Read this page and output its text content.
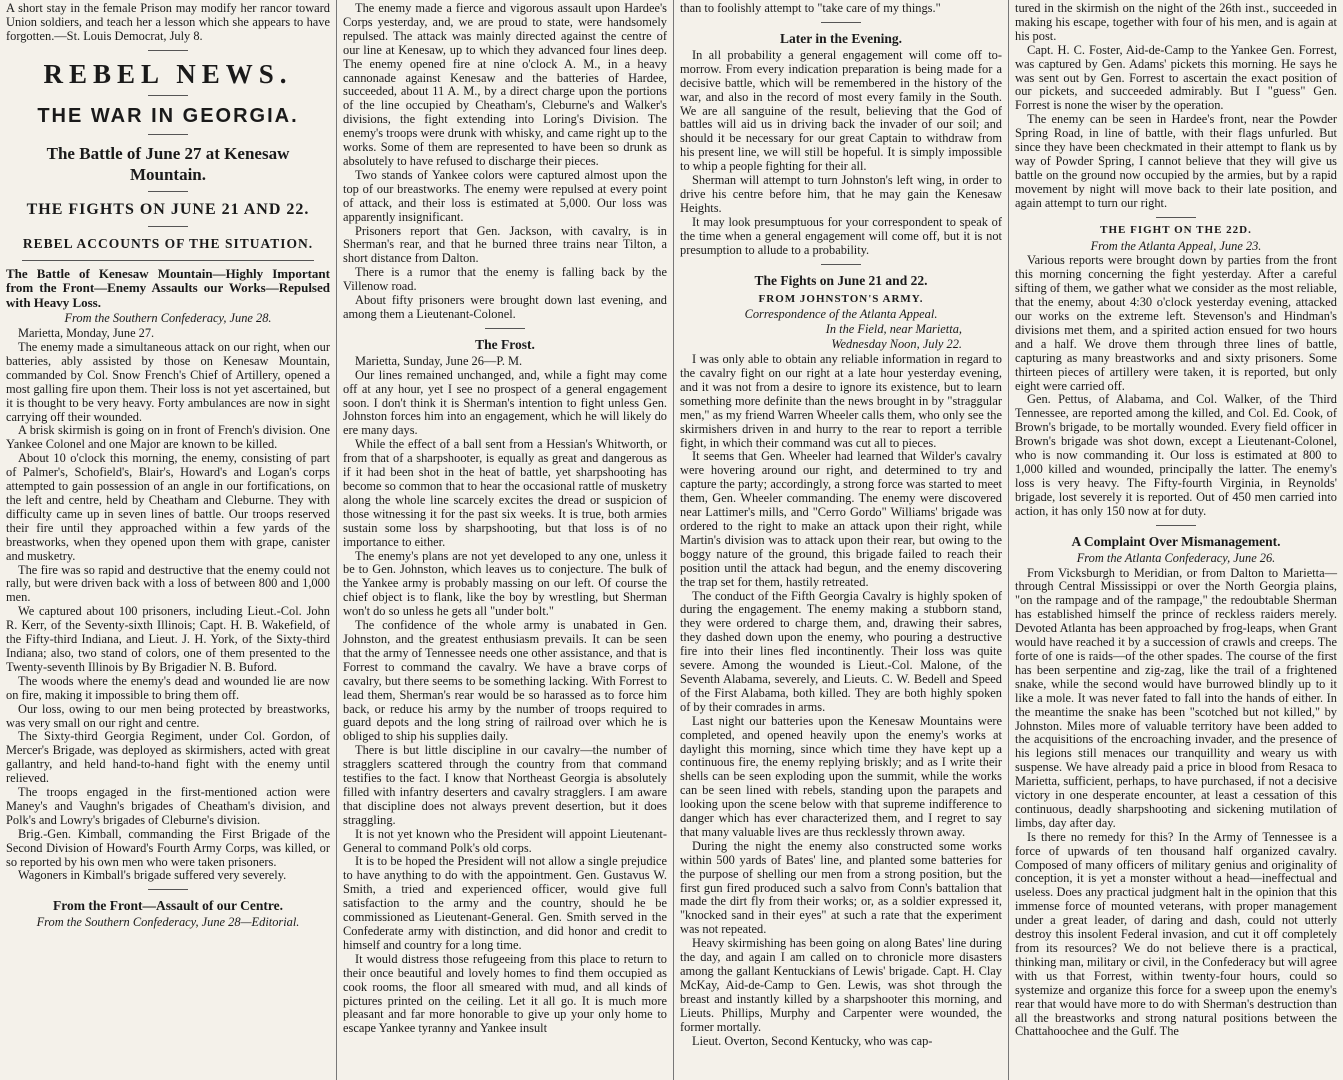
A short stay in the female Prison may modify her rancor toward Union soldiers, and teach her a lesson which she appears to have forgotten.—St. Louis Democrat, July 8.

REBEL NEWS.
THE WAR IN GEORGIA.
The Battle of June 27 at Kenesaw Mountain.
THE FIGHTS ON JUNE 21 AND 22.
REBEL ACCOUNTS OF THE SITUATION.

The Battle of Kenesaw Mountain—Highly Important from the Front—Enemy Assaults our Works—Repulsed with Heavy Loss.

From the Southern Confederacy, June 28.

Marietta, Monday, June 27.

The enemy made a simultaneous attack on our right, when our batteries, ably assisted by those on Kenesaw Mountain, commanded by Col. Snow French's Chief of Artillery, opened a most galling fire upon them. Their loss is not yet ascertained, but it is thought to be very heavy. Forty ambulances are now in sight carrying off their wounded.

A brisk skirmish is going on in front of French's division. One Yankee Colonel and one Major are known to be killed.

About 10 o'clock this morning, the enemy, consisting of part of Palmer's, Schofield's, Blair's, Howard's and Logan's corps attempted to gain possession of an angle in our fortifications, on the left and centre, held by Cheatham and Cleburne. They with difficulty came up in seven lines of battle. Our troops reserved their fire until they approached within a few yards of the breastworks, when they opened upon them with grape, canister and musketry.

The fire was so rapid and destructive that the enemy could not rally, but were driven back with a loss of between 800 and 1,000 men.

We captured about 100 prisoners, including Lieut.-Col. John R. Kerr, of the Seventy-sixth Illinois; Capt. H. B. Wakefield, of the Fifty-third Indiana, and Lieut. J. H. York, of the Sixty-third Indiana; also, two stand of colors, one of them presented to the Twenty-seventh Illinois by By Brigadier N. B. Buford.

The woods where the enemy's dead and wounded lie are now on fire, making it impossible to bring them off.

Our loss, owing to our men being protected by breastworks, was very small on our right and centre.

The Sixty-third Georgia Regiment, under Col. Gordon, of Mercer's Brigade, was deployed as skirmishers, acted with great gallantry, and held hand-to-hand fight with the enemy until relieved.

The troops engaged in the first-mentioned action were Maney's and Vaughn's brigades of Cheatham's division, and Polk's and Lowry's brigades of Cleburne's division.

Brig.-Gen. Kimball, commanding the First Brigade of the Second Division of Howard's Fourth Army Corps, was killed, or so reported by his own men who were taken prisoners.

Wagoners in Kimball's brigade suffered very severely.

From the Front—Assault of our Centre.

From the Southern Confederacy, June 28—Editorial.

The enemy made a fierce and vigorous assault upon Hardee's Corps yesterday, and, we are proud to state, were handsomely repulsed. The attack was mainly directed against the centre of our line at Kenesaw, up to which they advanced four lines deep. The enemy opened fire at nine o'clock A. M., in a heavy cannonade against Kenesaw and the batteries of Hardee, succeeded, about 11 A. M., by a direct charge upon the portions of the line occupied by Cheatham's, Cleburne's and Walker's divisions, the fight extending into Loring's Division. The enemy's troops were drunk with whisky, and came right up to the works. Some of them are represented to have been so drunk as absolutely to have refused to discharge their pieces.

Two stands of Yankee colors were captured almost upon the top of our breastworks. The enemy were repulsed at every point of attack, and their loss is estimated at 5,000. Our loss was apparently insignificant.

Prisoners report that Gen. Jackson, with cavalry, is in Sherman's rear, and that he burned three trains near Tilton, a short distance from Dalton.

There is a rumor that the enemy is falling back by the Villenow road.

About fifty prisoners were brought down last evening, and among them a Lieutenant-Colonel.

The Frost.

Marietta, Sunday, June 26—P. M.

Our lines remained unchanged, and, while a fight may come off at any hour, yet I see no prospect of a general engagement soon. I don't think it is Sherman's intention to fight unless Gen. Johnston forces him into an engagement, which he will likely do ere many days.

While the effect of a ball sent from a Hessian's Whitworth, or from that of a sharpshooter, is equally as great and dangerous as if it had been shot in the heat of battle, yet sharpshooting has become so common that to hear the occasional rattle of musketry along the whole line scarcely excites the dread or suspicion of those witnessing it for the past six weeks. It is true, both armies sustain some loss by sharpshooting, but that loss is of no importance to either.

The enemy's plans are not yet developed to any one, unless it be to Gen. Johnston, which leaves us to conjecture. The bulk of the Yankee army is probably massing on our left. Of course the chief object is to flank, like the boy by wrestling, but Sherman won't do so unless he gets all "under bolt."

The confidence of the whole army is unabated in Gen. Johnston, and the greatest enthusiasm prevails. It can be seen that the army of Tennessee needs one other assistance, and that is Forrest to command the cavalry. We have a brave corps of cavalry, but there seems to be something lacking. With Forrest to lead them, Sherman's rear would be so harassed as to force him back, or reduce his army by the number of troops required to guard depots and the long string of railroad over which he is obliged to ship his supplies daily.

There is but little discipline in our cavalry—the number of stragglers scattered through the country from that command testifies to the fact. I know that Northeast Georgia is absolutely filled with infantry deserters and cavalry stragglers. I am aware that discipline does not always prevent desertion, but it does straggling.

It is not yet known who the President will appoint Lieutenant-General to command Polk's old corps.

It is to be hoped the President will not allow a single prejudice to have anything to do with the appointment. Gen. Gustavus W. Smith, a tried and experienced officer, would give full satisfaction to the army and the country, should he be commissioned as Lieutenant-General. Gen. Smith served in the Confederate army with distinction, and did honor and credit to himself and country for a long time.

It would distress those refugeeing from this place to return to their once beautiful and lovely homes to find them occupied as cook rooms, the floor all smeared with mud, and all kinds of pictures printed on the ceiling. Let it all go. It is much more pleasant and far more honorable to give up your only home to escape Yankee tyranny and Yankee insult

than to foolishly attempt to "take care of my things."

Later in the Evening.

In all probability a general engagement will come off to-morrow. From every indication preparation is being made for a decisive battle, which will be remembered in the history of the war, and also in the record of most every family in the South. We are all sanguine of the result, believing that the God of battles will aid us in driving back the invader of our soil; and should it be necessary for our great Captain to withdraw from his present line, we will still be hopeful. It is simply impossible to whip a people fighting for their all.

Sherman will attempt to turn Johnston's left wing, in order to drive his centre before him, that he may gain the Kenesaw Heights.

It may look presumptuous for your correspondent to speak of the time when a general engagement will come off, but it is not presumption to allude to a probability.

The Fights on June 21 and 22.

FROM JOHNSTON'S ARMY.

Correspondence of the Atlanta Appeal.

In the Field, near Marietta,

Wednesday Noon, July 22.

I was only able to obtain any reliable information in regard to the cavalry fight on our right at a late hour yesterday evening, and it was not from a desire to ignore its existence, but to learn something more definite than the news brought in by "straggular men," as my friend Warren Wheeler calls them, who only see the skirmishers driven in and hurry to the rear to report a terrible fight, in which their command was cut all to pieces.

It seems that Gen. Wheeler had learned that Wilder's cavalry were hovering around our right, and determined to try and capture the party; accordingly, a strong force was started to meet them, Gen. Wheeler commanding. The enemy were discovered near Lattimer's mills, and "Cerro Gordo" Williams' brigade was ordered to the right to make an attack upon their right, while Martin's division was to attack upon their rear, but owing to the boggy nature of the ground, this brigade failed to reach their position until the attack had begun, and the enemy discovering the trap set for them, hastily retreated.

The conduct of the Fifth Georgia Cavalry is highly spoken of during the engagement. The enemy making a stubborn stand, they were ordered to charge them, and, drawing their sabres, they dashed down upon the enemy, who pouring a destructive fire into their lines fled incontinently. Their loss was quite severe. Among the wounded is Lieut.-Col. Malone, of the Seventh Alabama, severely, and Lieuts. C. W. Bedell and Speed of the First Alabama, both killed. They are both highly spoken of by their comrades in arms.

Last night our batteries upon the Kenesaw Mountains were completed, and opened heavily upon the enemy's works at daylight this morning, since which time they have kept up a continuous fire, the enemy replying briskly; and as I write their shells can be seen exploding upon the summit, while the works can be seen lined with rebels, standing upon the parapets and looking upon the scene below with that supreme indifference to danger which has ever characterized them, and I regret to say that many valuable lives are thus recklessly thrown away.

During the night the enemy also constructed some works within 500 yards of Bates' line, and planted some batteries for the purpose of shelling our men from a strong position, but the first gun fired produced such a salvo from Conn's battalion that made the dirt fly from their works; or, as a soldier expressed it, "knocked sand in their eyes" at such a rate that the experiment was not repeated.

Heavy skirmishing has been going on along Bates' line during the day, and again I am called on to chronicle more disasters among the gallant Kentuckians of Lewis' brigade. Capt. H. Clay McKay, Aid-de-Camp to Gen. Lewis, was shot through the breast and instantly killed by a sharpshooter this morning, and Lieuts. Phillips, Murphy and Carpenter were wounded, the former mortally.

Lieut. Overton, Second Kentucky, who was cap-

tured in the skirmish on the night of the 26th inst., succeeded in making his escape, together with four of his men, and is again at his post.

Capt. H. C. Foster, Aid-de-Camp to the Yankee Gen. Forrest, was captured by Gen. Adams' pickets this morning. He says he was sent out by Gen. Forrest to ascertain the exact position of our pickets, and succeeded admirably. But I "guess" Gen. Forrest is none the wiser by the operation.

The enemy can be seen in Hardee's front, near the Powder Spring Road, in line of battle, with their flags unfurled. But since they have been checkmated in their attempt to flank us by way of Powder Spring, I cannot believe that they will give us battle on the ground now occupied by the armies, but by a rapid movement by night will move back to their late position, and again attempt to turn our right.

THE FIGHT ON THE 22D.

From the Atlanta Appeal, June 23.

Various reports were brought down by parties from the front this morning concerning the fight yesterday. After a careful sifting of them, we gather what we consider as the most reliable, that the enemy, about 4:30 o'clock yesterday evening, attacked our works on the extreme left. Stevenson's and Hindman's divisions met them, and a spirited action ensued for two hours and a half. We drove them through three lines of battle, capturing as many breastworks and and sixty prisoners. Some thirteen pieces of artillery were taken, it is reported, but only eight were carried off.

Gen. Pettus, of Alabama, and Col. Walker, of the Third Tennessee, are reported among the killed, and Col. Ed. Cook, of Brown's brigade, to be mortally wounded. Every field officer in Brown's brigade was shot down, except a Lieutenant-Colonel, who is now commanding it. Our loss is estimated at 800 to 1,000 killed and wounded, principally the latter. The enemy's loss is very heavy. The Fifty-fourth Virginia, in Reynolds' brigade, lost severely it is reported. Out of 450 men carried into action, it has only 150 now at for duty.

A Complaint Over Mismanagement.

From the Atlanta Confederacy, June 26.

From Vicksburgh to Meridian, or from Dalton to Marietta—through Central Mississippi or over the North Georgia plains, "on the rampage and of the rampage," the redoubtable Sherman has established himself the prince of reckless raiders merely. Devoted Atlanta has been approached by frog-leaps, when Grant would have reached it by a succession of crawls and creeps. The forte of one is raids—of the other spades. The course of the first has been serpentine and zig-zag, like the trail of a frightened snake, while the second would have burrowed blindly up to it like a mole. It was never fated to fall into the hands of either. In the meantime the snake has been "scotched but not killed," by Johnston. Miles more of valuable territory have been added to the acquisitions of the encroaching invader, and the presence of his legions still menaces our tranquillity and weary us with suspense. We have already paid a price in blood from Resaca to Marietta, sufficient, perhaps, to have purchased, if not a decisive victory in one desperate encounter, at least a cessation of this continuous, deadly sharpshooting and sickening mutilation of limbs, day after day.

Is there no remedy for this? In the Army of Tennessee is a force of upwards of ten thousand half organized cavalry. Composed of many officers of military genius and originality of conception, it is yet a monster without a head—ineffectual and useless. Does any practical judgment halt in the opinion that this immense force of mounted veterans, with proper management under a great leader, of daring and dash, could not utterly destroy this insolent Federal invasion, and cut it off completely from its resources? We do not believe there is a practical, thinking man, military or civil, in the Confederacy but will agree with us that Forrest, within twenty-four hours, could so systemize and organize this force for a sweep upon the enemy's rear that would have more to do with Sherman's destruction than all the breastworks and strong natural positions between the Chattahoochee and the Gulf. The
